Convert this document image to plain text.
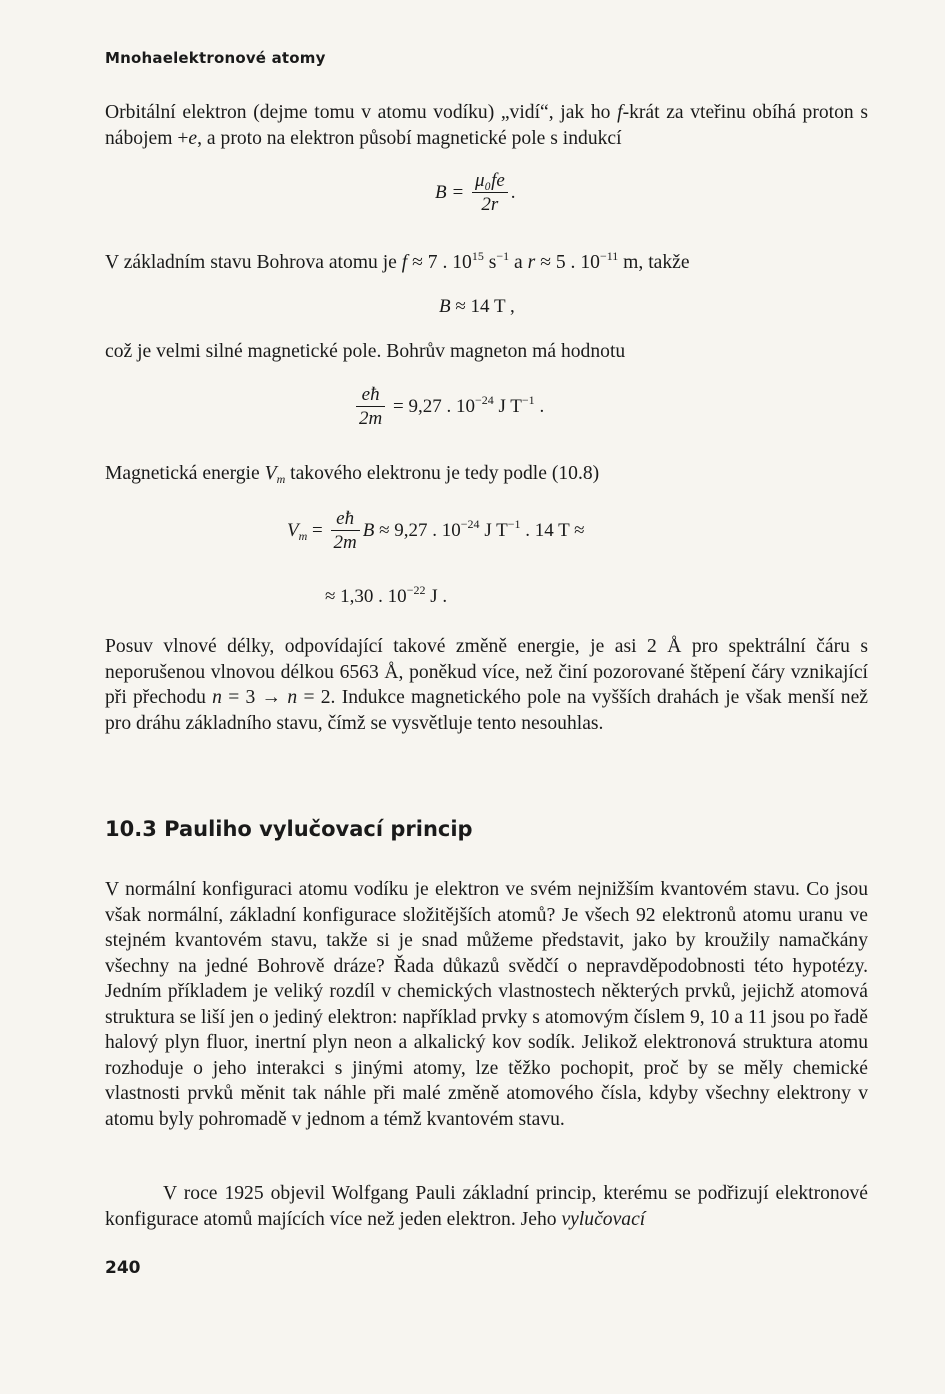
Mnohaelektronové atomy

Orbitální elektron (dejme tomu v atomu vodíku) „vidí“, jak ho f-krát za vteřinu obíhá proton s nábojem +e, a proto na elektron působí magnetické pole s indukcí

$B = \frac{\text{μ₀fe}}{2r}$ .

V základním stavu Bohrova atomu je f ≈ 7 . $10^{15}$ $s^{-1}$ a r ≈ 5 . $10^{-11}$ m, takže

B ≈ 14 T ,

což je velmi silné magnetické pole. Bohrův magneton má hodnotu

$\frac{eħ}{2m} = 9,27$ . $10^{-24}$ J $T^{-1}$ .

Magnetická energie $V_m$ takového elektronu je tedy podle (10.8)

$V_m = \frac{eħ}{2m}$ B ≈ 9,27 . $10^{-24}$ J $T^{-1}$ . 14 T ≈
≈ 1,30 . $10^{-22}$ J .

Posuv vlnové délky, odpovídající takové změně energie, je asi 2 Å pro spektrální čáru s neporušenou vlnovou délkou 6563 Å, poněkud více, než činí pozorované štěpení čáry vznikající při přechodu n = 3 → n = 2. Indukce magnetického pole na vyšších drahách je však menší než pro dráhu základního stavu, čímž se vysvětluje tento nesouhlas.

10.3 Pauliho vylučovací princip

V normální konfiguraci atomu vodíku je elektron ve svém nejnižším kvantovém stavu. Co jsou však normální, základní konfigurace složitějších atomů? Je všech 92 elektronů atomu uranu ve stejném kvantovém stavu, takže si je snad můžeme představit, jako by kroužily namačkány všechny na jedné Bohrově dráze? Řada důkazů svědčí o nepravděpodobnosti této hypotézy. Jedním příkladem je veliký rozdíl v chemických vlastnostech některých prvků, jejichž atomová struktura se liší jen o jediný elektron: například prvky s atomovým číslem 9, 10 a 11 jsou po řadě halový plyn fluor, inertní plyn neon a alkalický kov sodík. Jelikož elektronová struktura atomu rozhoduje o jeho interakci s jinými atomy, lze těžko pochopit, proč by se měly chemické vlastnosti prvků měnit tak náhle při malé změně atomového čísla, kdyby všechny elektrony v atomu byly pohromadě v jednom a témž kvantovém stavu.

V roce 1925 objevil Wolfgang Pauli základní princip, kterému se podřizují elektronové konfigurace atomů majících více než jeden elektron. Jeho vylučovací

240
